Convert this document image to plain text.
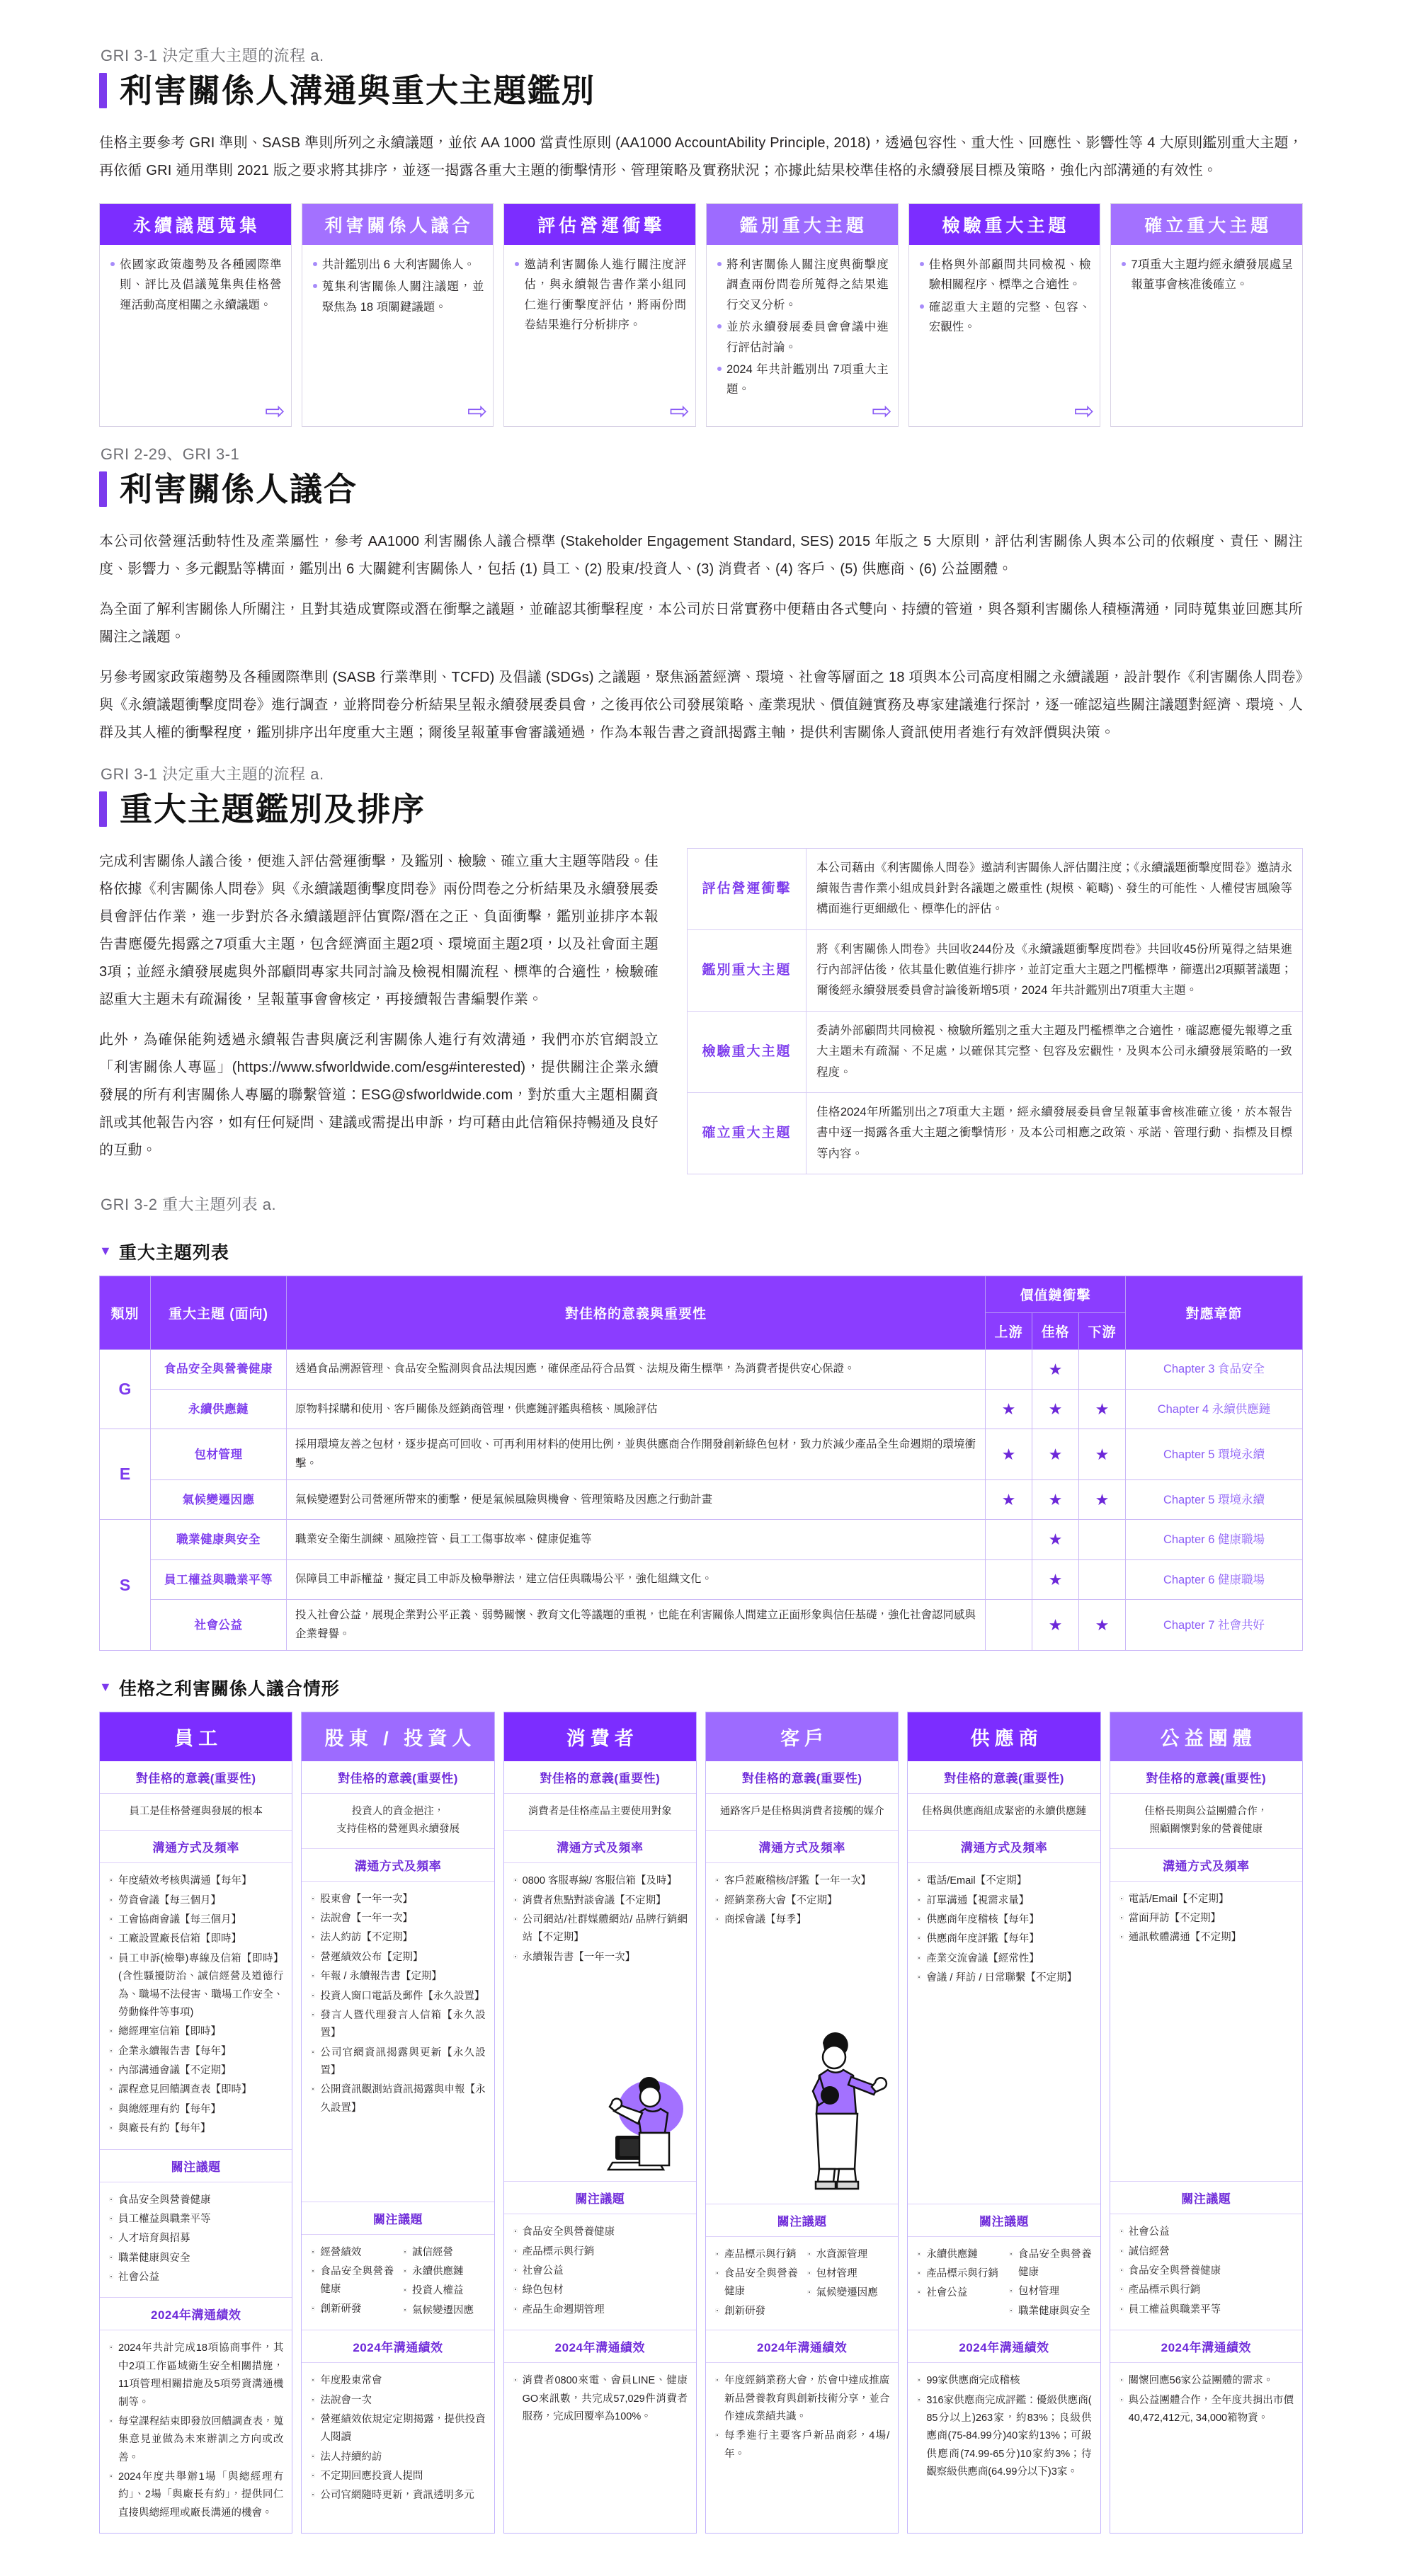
GRI 3-1 決定重大主題的流程 a.
利害關係人溝通與重大主題鑑別

佳格主要參考 GRI 準則、SASB 準則所列之永續議題，並依 AA 1000 當責性原則 (AA1000 AccountAbility Principle, 2018)，透過包容性、重大性、回應性、影響性等 4 大原則鑑別重大主題，再依循 GRI 通用準則 2021 版之要求將其排序，並逐一揭露各重大主題的衝擊情形、管理策略及實務狀況；亦據此結果校準佳格的永續發展目標及策略，強化內部溝通的有效性。

永續議題蒐集
依國家政策趨勢及各種國際準則、評比及倡議蒐集與佳格營運活動高度相關之永續議題。
⇨
利害關係人議合
共計鑑別出 6 大利害關係人。
蒐集利害關係人關注議題，並聚焦為 18 項關鍵議題。
⇨
評估營運衝擊
邀請利害關係人進行關注度評估，與永續報告書作業小組同仁進行衝擊度評估，將兩份問卷結果進行分析排序。
⇨
鑑別重大主題
將利害關係人關注度與衝擊度調查兩份問卷所蒐得之結果進行交叉分析。
並於永續發展委員會會議中進行評估討論。
2024 年共計鑑別出 7項重大主題。
⇨
檢驗重大主題
佳格與外部顧問共同檢視、檢驗相關程序、標準之合適性。
確認重大主題的完整、包容、宏觀性。
⇨
確立重大主題
7項重大主題均經永續發展處呈報董事會核准後確立。
GRI 2-29、GRI 3-1
利害關係人議合

本公司依營運活動特性及產業屬性，參考 AA1000 利害關係人議合標準 (Stakeholder Engagement Standard, SES) 2015 年版之 5 大原則，評估利害關係人與本公司的依賴度、責任、關注度、影響力、多元觀點等構面，鑑別出 6 大關鍵利害關係人，包括 (1) 員工、(2) 股東/投資人、(3) 消費者、(4) 客戶、(5) 供應商、(6) 公益團體。

為全面了解利害關係人所關注，且對其造成實際或潛在衝擊之議題，並確認其衝擊程度，本公司於日常實務中便藉由各式雙向、持續的管道，與各類利害關係人積極溝通，同時蒐集並回應其所關注之議題。

另參考國家政策趨勢及各種國際準則 (SASB 行業準則、TCFD) 及倡議 (SDGs) 之議題，聚焦涵蓋經濟、環境、社會等層面之 18 項與本公司高度相關之永續議題，設計製作《利害關係人問卷》與《永續議題衝擊度問卷》進行調查，並將問卷分析結果呈報永續發展委員會，之後再依公司發展策略、產業現狀、價值鏈實務及專家建議進行探討，逐一確認這些關注議題對經濟、環境、人群及其人權的衝擊程度，鑑別排序出年度重大主題；爾後呈報董事會審議通過，作為本報告書之資訊揭露主軸，提供利害關係人資訊使用者進行有效評價與決策。

GRI 3-1 決定重大主題的流程 a.
重大主題鑑別及排序

完成利害關係人議合後，便進入評估營運衝擊，及鑑別、檢驗、確立重大主題等階段。佳格依據《利害關係人問卷》與《永續議題衝擊度問卷》兩份問卷之分析結果及永續發展委員會評估作業，進一步對於各永續議題評估實際/潛在之正、負面衝擊，鑑別並排序本報告書應優先揭露之7項重大主題，包含經濟面主題2項、環境面主題2項，以及社會面主題3項；並經永續發展處與外部顧問專家共同討論及檢視相關流程、標準的合適性，檢驗確認重大主題未有疏漏後，呈報董事會會核定，再接續報告書編製作業。

此外，為確保能夠透過永續報告書與廣泛利害關係人進行有效溝通，我們亦於官網設立「利害關係人專區」(https://www.sfworldwide.com/esg#interested)，提供關注企業永續發展的所有利害關係人專屬的聯繫管道：ESG@sfworldwide.com，對於重大主題相關資訊或其他報告內容，如有任何疑問、建議或需提出申訴，均可藉由此信箱保持暢通及良好的互動。

評估營運衝擊	本公司藉由《利害關係人問卷》邀請利害關係人評估關注度；《永續議題衝擊度問卷》邀請永續報告書作業小組成員針對各議題之嚴重性 (規模、範疇)、發生的可能性、人權侵害風險等構面進行更細緻化、標準化的評估。
鑑別重大主題	將《利害關係人問卷》共回收244份及《永續議題衝擊度問卷》共回收45份所蒐得之結果進行內部評估後，依其量化數值進行排序，並訂定重大主題之門檻標準，篩選出2項顯著議題；爾後經永續發展委員會討論後新增5項，2024 年共計鑑別出7項重大主題。
檢驗重大主題	委請外部顧問共同檢視、檢驗所鑑別之重大主題及門檻標準之合適性，確認應優先報導之重大主題未有疏漏、不足處，以確保其完整、包容及宏觀性，及與本公司永續發展策略的一致程度。
確立重大主題	佳格2024年所鑑別出之7項重大主題，經永續發展委員會呈報董事會核准確立後，於本報告書中逐一揭露各重大主題之衝擊情形，及本公司相應之政策、承諾、管理行動、指標及目標等內容。
GRI 3-2 重大主題列表 a.
▼ 重大主題列表
類別	重大主題 (面向)	對佳格的意義與重要性	價值鏈衝擊			對應章節
			上游	佳格	下游	
G	食品安全與營養健康	透過食品溯源管理、食品安全監測與食品法規因應，確保產品符合品質、法規及衛生標準，為消費者提供安心保證。		★		Chapter 3 食品安全
	永續供應鏈	原物料採購和使用、客戶關係及經銷商管理，供應鏈評鑑與稽核、風險評估	★	★	★	Chapter 4 永續供應鏈
E	包材管理	採用環境友善之包材，逐步提高可回收、可再利用材料的使用比例，並與供應商合作開發創新綠色包材，致力於減少產品全生命週期的環境衝擊。	★	★	★	Chapter 5 環境永續
	氣候變遷因應	氣候變遷對公司營運所帶來的衝擊，便是氣候風險與機會、管理策略及因應之行動計畫	★	★	★	Chapter 5 環境永續
S	職業健康與安全	職業安全衛生訓練、風險控管、員工工傷事故率、健康促進等		★		Chapter 6 健康職場
	員工權益與職業平等	保障員工申訴權益，擬定員工申訴及檢舉辦法，建立信任與職場公平，強化組織文化。		★		Chapter 6 健康職場
	社會公益	投入社會公益，展現企業對公平正義、弱勢關懷、教育文化等議題的重視，也能在利害關係人間建立正面形象與信任基礎，強化社會認同感與企業聲譽。		★	★	Chapter 7 社會共好
▼ 佳格之利害關係人議合情形
員工
對佳格的意義(重要性)
員工是佳格營運與發展的根本
溝通方式及頻率
年度績效考核與溝通【每年】
勞資會議【每三個月】
工會協商會議【每三個月】
工廠設置廠長信箱【即時】
員工申訴(檢舉)專線及信箱【即時】 (含性騷擾防治、誠信經營及道德行為、職場不法侵害、職場工作安全、勞動條件等事項)
總經理室信箱【即時】
企業永續報告書【每年】
內部溝通會議【不定期】
課程意見回饋調查表【即時】
與總經理有約【每年】
與廠長有約【每年】
關注議題
食品安全與營養健康
員工權益與職業平等
人才培育與招募
職業健康與安全
社會公益
2024年溝通績效
2024年共計完成18項協商事件，其中2項工作區域衛生安全相關措施，11項管理相關措施及5項勞資溝通機制等。
每堂課程結束即發放回饋調查表，蒐集意見並做為未來辦訓之方向或改善。
2024年度共舉辦1場「與總經理有約」、2場「與廠長有約」，提供同仁直接與總經理或廠長溝通的機會。
股東 / 投資人
對佳格的意義(重要性)
投資人的資金挹注，
支持佳格的營運與永續發展
溝通方式及頻率
股東會【一年一次】
法說會【一年一次】
法人約訪【不定期】
營運績效公布【定期】
年報 / 永續報告書【定期】
投資人窗口電話及郵件【永久設置】
發言人暨代理發言人信箱【永久設置】
公司官網資訊揭露與更新【永久設置】
公開資訊觀測站資訊揭露與申報【永久設置】
關注議題
經營績效
食品安全與營養健康
創新研發
誠信經營
永續供應鏈
投資人權益
氣候變遷因應
2024年溝通績效
年度股東常會
法說會一次
營運績效依規定定期揭露，提供投資人閱讀
法人持續約訪
不定期回應投資人提問
公司官網隨時更新，資訊透明多元
消費者
對佳格的意義(重要性)
消費者是佳格產品主要使用對象
溝通方式及頻率
0800 客服專線/ 客服信箱【及時】
消費者焦點對談會議【不定期】
公司網站/社群媒體網站/ 品牌行銷網站【不定期】
永續報告書【一年一次】
關注議題
食品安全與營養健康
產品標示與行銷
社會公益
綠色包材
產品生命週期管理
2024年溝通績效
消費者0800來電、會員LINE、健康GO來訊數，共完成57,029件消費者服務，完成回覆率為100%。
客戶
對佳格的意義(重要性)
通路客戶是佳格與消費者接觸的媒介
溝通方式及頻率
客戶蒞廠稽核/評鑑【一年一次】
經銷業務大會【不定期】
商採會議【每季】
關注議題
產品標示與行銷
食品安全與營養健康
創新研發
水資源管理
包材管理
氣候變遷因應
2024年溝通績效
年度經銷業務大會，於會中達成推廣新品營養教育與創新技術分享，並合作達成業績共識。
每季進行主要客戶新品商彩，4場/年。
供應商
對佳格的意義(重要性)
佳格與供應商組成緊密的永續供應鏈
溝通方式及頻率
電話/Email【不定期】
訂單溝通【視需求量】
供應商年度稽核【每年】
供應商年度評鑑【每年】
產業交流會議【經常性】
會議 / 拜訪 / 日常聯繫【不定期】
關注議題
永續供應鏈
產品標示與行銷
社會公益
食品安全與營養健康
包材管理
職業健康與安全
2024年溝通績效
99家供應商完成稽核
316家供應商完成評鑑：優級供應商( 85分以上)263家，約83%；良級供應商(75-84.99分)40家約13%；可級供應商(74.99-65分)10家約3%；待觀察級供應商(64.99分以下)3家。
公益團體
對佳格的意義(重要性)
佳格長期與公益團體合作，
照顧關懷對象的營養健康
溝通方式及頻率
電話/Email【不定期】
當面拜訪【不定期】
通訊軟體溝通【不定期】
關注議題
社會公益
誠信經營
食品安全與營養健康
產品標示與行銷
員工權益與職業平等
2024年溝通績效
關懷回應56家公益團體的需求。
與公益團體合作，全年度共捐出市價40,472,412元, 34,000箱物資。
